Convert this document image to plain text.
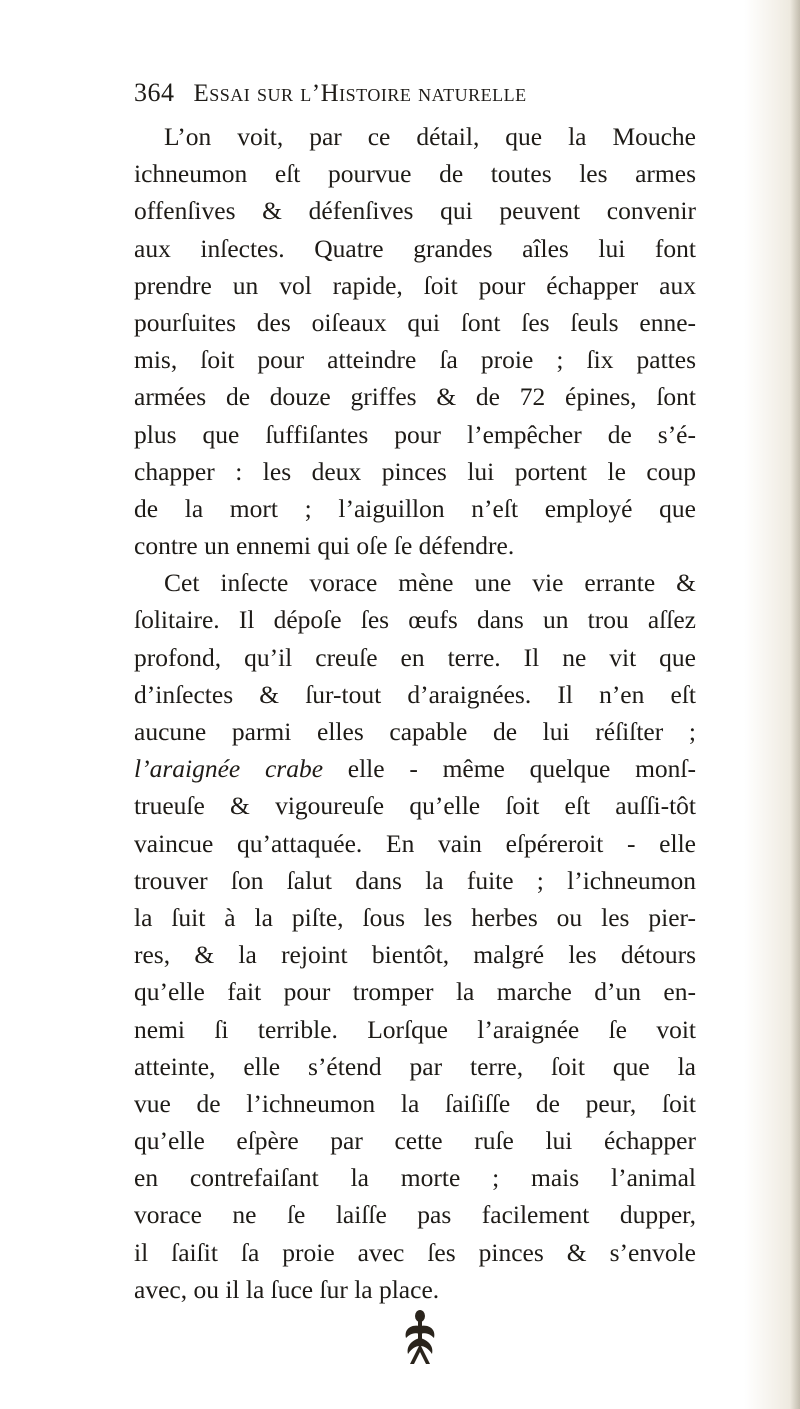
364 Essai sur l’Histoire naturelle
L’on voit, par ce détail, que la Mouche
ichneumon eſt pourvue de toutes les armes
offenſives & défenſives qui peuvent convenir
aux inſectes. Quatre grandes aîles lui font
prendre un vol rapide, ſoit pour échapper aux
pourſuites des oiſeaux qui ſont ſes ſeuls enne-
mis, ſoit pour atteindre ſa proie ; ſix pattes
armées de douze griffes & de 72 épines, ſont
plus que ſuffiſantes pour l’empêcher de s’é-
chapper : les deux pinces lui portent le coup
de la mort ; l’aiguillon n’eſt employé que
contre un ennemi qui oſe ſe défendre.
Cet inſecte vorace mène une vie errante &
ſolitaire. Il dépoſe ſes œufs dans un trou aſſez
profond, qu’il creuſe en terre. Il ne vit que
d’inſectes & ſur-tout d’araignées. Il n’en eſt
aucune parmi elles capable de lui réſiſter ;
l’araignée crabe elle - même quelque monſ-
trueuſe & vigoureuſe qu’elle ſoit eſt auſſi-tôt
vaincue qu’attaquée. En vain eſpéreroit - elle
trouver ſon ſalut dans la fuite ; l’ichneumon
la ſuit à la piſte, ſous les herbes ou les pier-
res, & la rejoint bientôt, malgré les détours
qu’elle fait pour tromper la marche d’un en-
nemi ſi terrible. Lorſque l’araignée ſe voit
atteinte, elle s’étend par terre, ſoit que la
vue de l’ichneumon la ſaiſiſſe de peur, ſoit
qu’elle eſpère par cette ruſe lui échapper
en contrefaiſant la morte ; mais l’animal
vorace ne ſe laiſſe pas facilement dupper,
il ſaiſit ſa proie avec ſes pinces & s’envole
avec, ou il la ſuce ſur la place.
